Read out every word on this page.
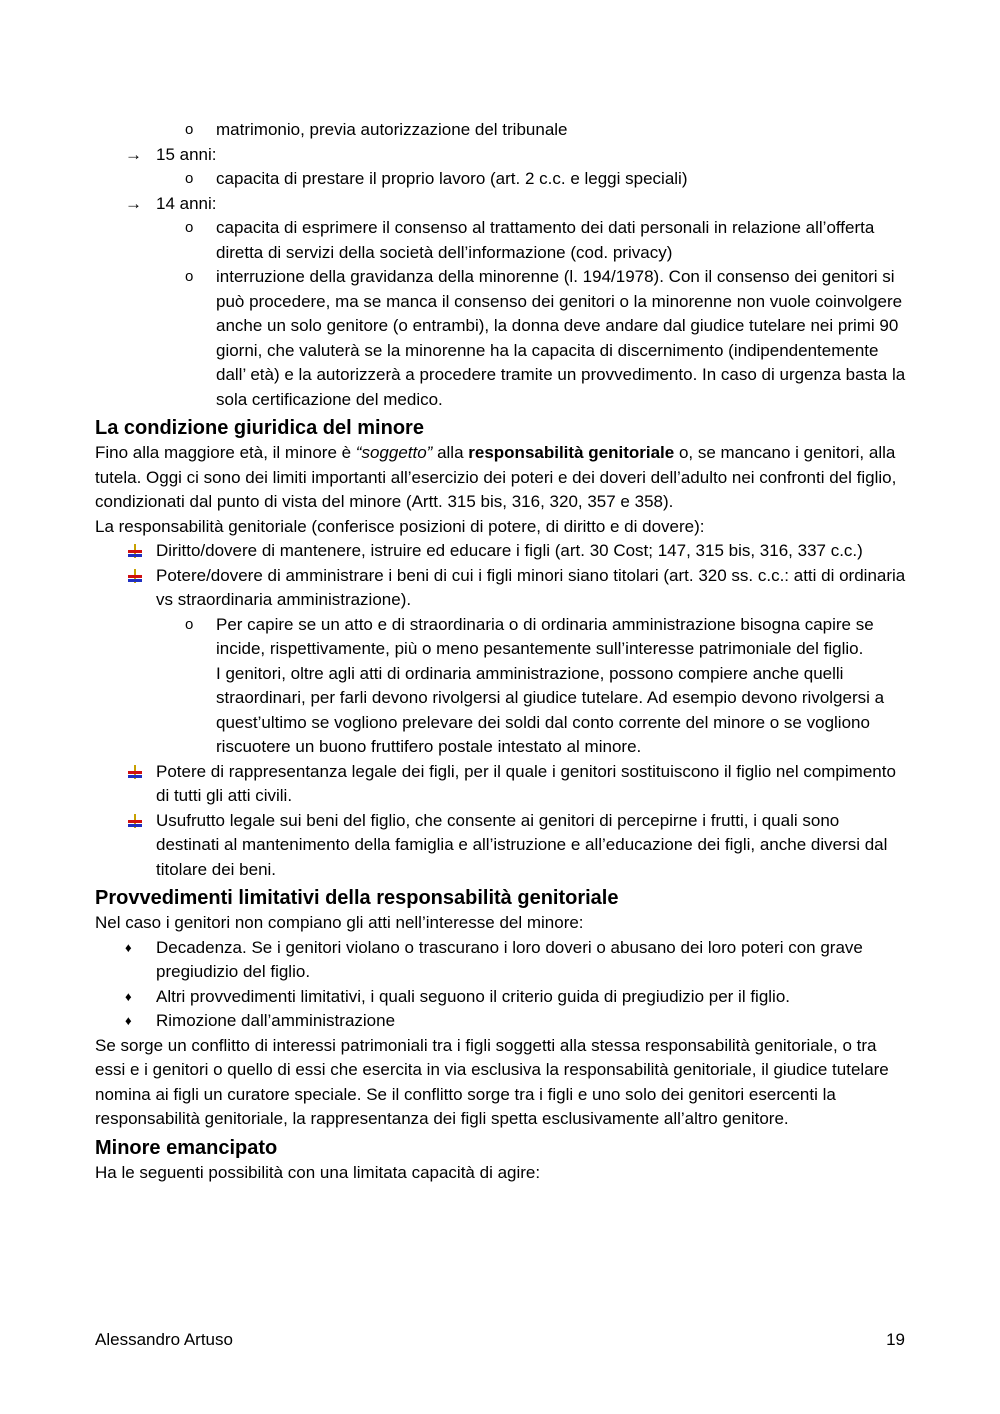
o	matrimonio, previa autorizzazione del tribunale
→ 15 anni:
o	capacita di prestare il proprio lavoro (art. 2 c.c. e leggi speciali)
→ 14 anni:
o	capacita di esprimere il consenso al trattamento dei dati personali in relazione all’offerta diretta di servizi della società dell’informazione (cod. privacy)
o	interruzione della gravidanza della minorenne (l. 194/1978). Con il consenso dei genitori si può procedere, ma se manca il consenso dei genitori o la minorenne non vuole coinvolgere anche un solo genitore (o entrambi), la donna deve andare dal giudice tutelare nei primi 90 giorni, che valuterà se la minorenne ha la capacita di discernimento (indipendentemente dall’ età) e la autorizzerà a procedere tramite un provvedimento. In caso di urgenza basta la sola certificazione del medico.
La condizione giuridica del minore
Fino alla maggiore età, il minore è “soggetto” alla responsabilità genitoriale o, se mancano i genitori, alla tutela. Oggi ci sono dei limiti importanti all’esercizio dei poteri e dei doveri dell’adulto nei confronti del figlio, condizionati dal punto di vista del minore (Artt. 315 bis, 316, 320, 357 e 358).
La responsabilità genitoriale (conferisce posizioni di potere, di diritto e di dovere):
Diritto/dovere di mantenere, istruire ed educare i figli (art. 30 Cost; 147, 315 bis, 316, 337 c.c.)
Potere/dovere di amministrare i beni di cui i figli minori siano titolari (art. 320 ss. c.c.: atti di ordinaria vs straordinaria amministrazione).
o	Per capire se un atto e di straordinaria o di ordinaria amministrazione bisogna capire se incide, rispettivamente, più o meno pesantemente sull’interesse patrimoniale del figlio.
I genitori, oltre agli atti di ordinaria amministrazione, possono compiere anche quelli straordinari, per farli devono rivolgersi al giudice tutelare. Ad esempio devono rivolgersi a quest’ultimo se vogliono prelevare dei soldi dal conto corrente del minore o se vogliono riscuotere un buono fruttifero postale intestato al minore.
Potere di rappresentanza legale dei figli, per il quale i genitori sostituiscono il figlio nel compimento di tutti gli atti civili.
Usufrutto legale sui beni del figlio, che consente ai genitori di percepirne i frutti, i quali sono destinati al mantenimento della famiglia e all’istruzione e all’educazione dei figli, anche diversi dal titolare dei beni.
Provvedimenti limitativi della responsabilità genitoriale
Nel caso i genitori non compiano gli atti nell’interesse del minore:
♦	Decadenza. Se i genitori violano o trascurano i loro doveri o abusano dei loro poteri con grave pregiudizio del figlio.
♦	Altri provvedimenti limitativi, i quali seguono il criterio guida di pregiudizio per il figlio.
♦	Rimozione dall’amministrazione
Se sorge un conflitto di interessi patrimoniali tra i figli soggetti alla stessa responsabilità genitoriale, o tra essi e i genitori o quello di essi che esercita in via esclusiva la responsabilità genitoriale, il giudice tutelare nomina ai figli un curatore speciale. Se il conflitto sorge tra i figli e uno solo dei genitori esercenti la responsabilità genitoriale, la rappresentanza dei figli spetta esclusivamente all’altro genitore.
Minore emancipato
Ha le seguenti possibilità con una limitata capacità di agire:
Alessandro Artuso	19
